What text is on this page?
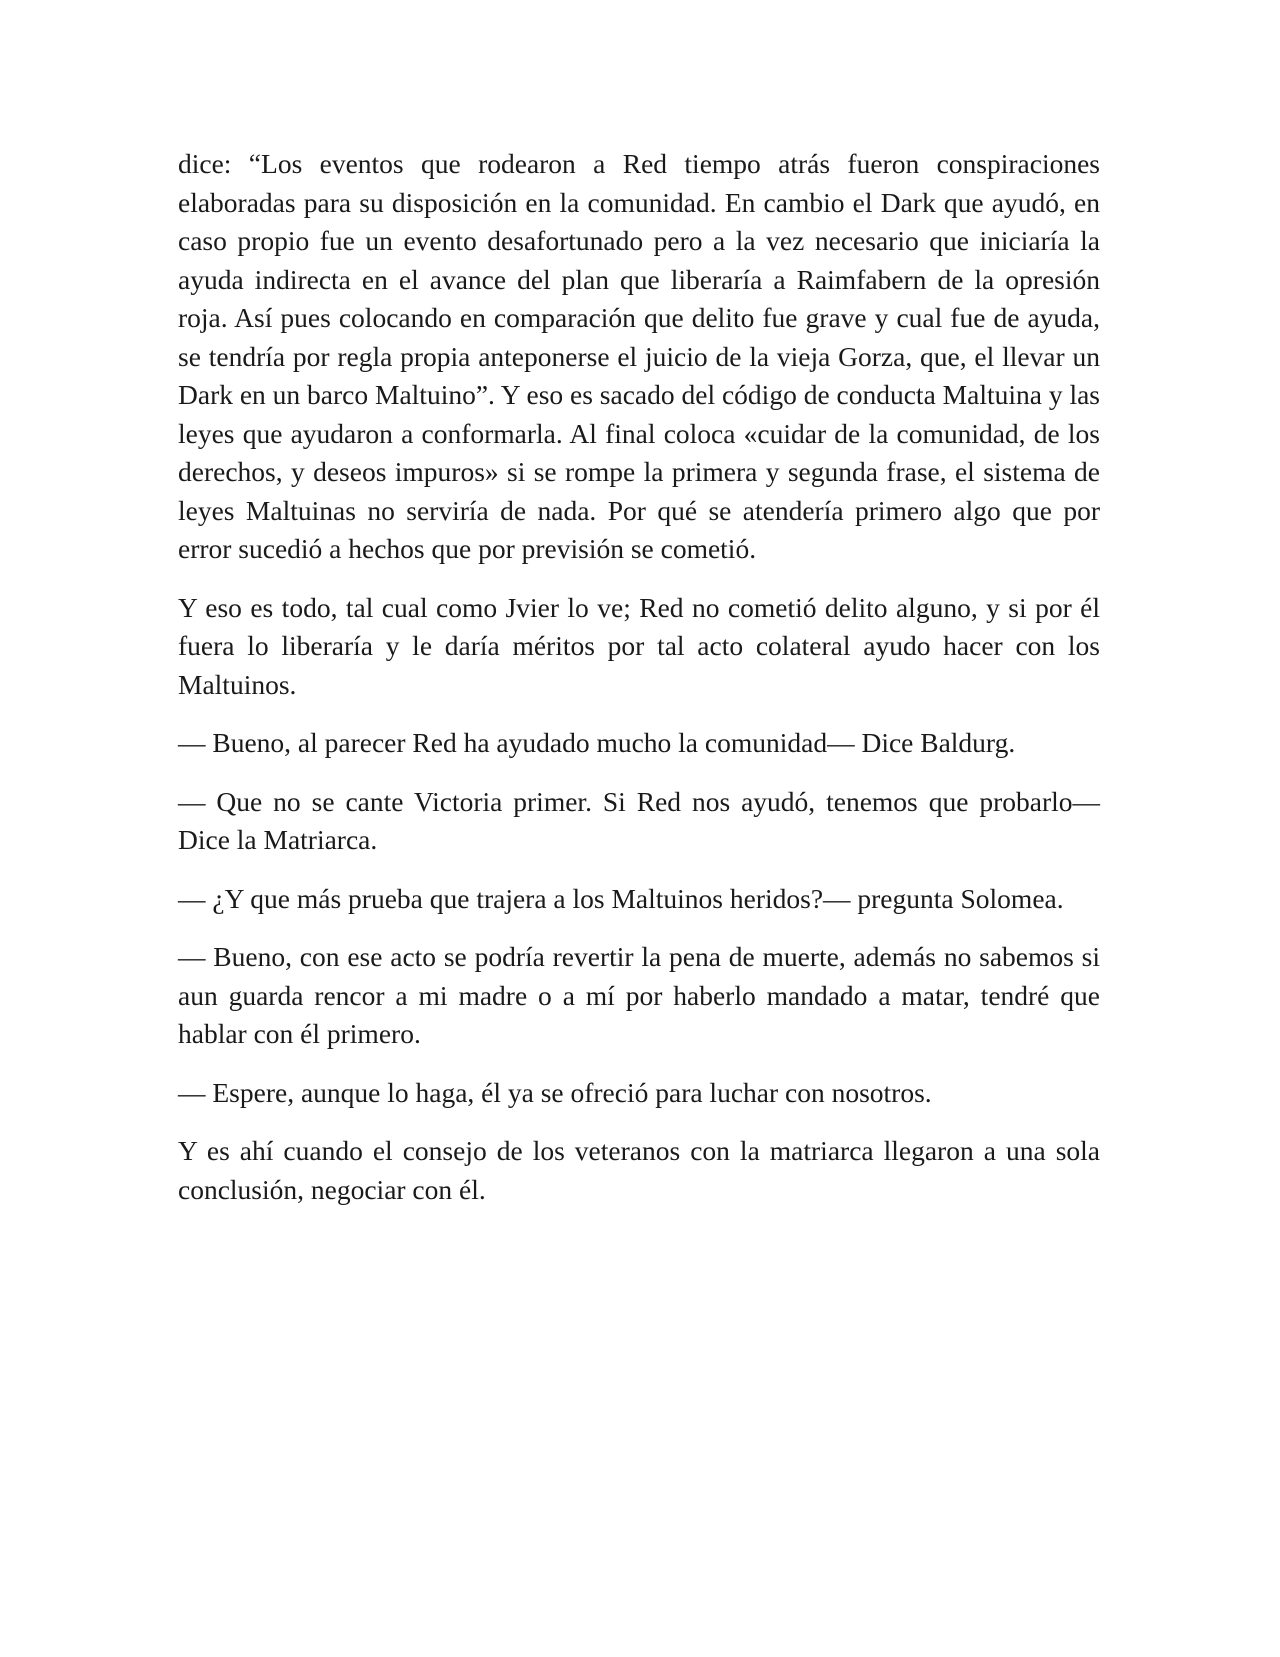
dice: “Los eventos que rodearon a Red tiempo atrás fueron conspiraciones elaboradas para su disposición en la comunidad. En cambio el Dark que ayudó, en caso propio fue un evento desafortunado pero a la vez necesario que iniciaría la ayuda indirecta en el avance del plan que liberaría a Raimfabern de la opresión roja. Así pues colocando en comparación que delito fue grave y cual fue de ayuda, se tendría por regla propia anteponerse el juicio de la vieja Gorza, que, el llevar un Dark en un barco Maltuino”. Y eso es sacado del código de conducta Maltuina y las leyes que ayudaron a conformarla. Al final coloca «cuidar de la comunidad, de los derechos, y deseos impuros» si se rompe la primera y segunda frase, el sistema de leyes Maltuinas no serviría de nada. Por qué se atendería primero algo que por error sucedió a hechos que por previsión se cometió.

Y eso es todo, tal cual como Jvier lo ve; Red no cometió delito alguno, y si por él fuera lo liberaría y le daría méritos por tal acto colateral ayudo hacer con los Maltuinos.

— Bueno, al parecer Red ha ayudado mucho la comunidad— Dice Baldurg.

— Que no se cante Victoria primer. Si Red nos ayudó, tenemos que probarlo— Dice la Matriarca.

— ¿Y que más prueba que trajera a los Maltuinos heridos?— pregunta Solomea.

— Bueno, con ese acto se podría revertir la pena de muerte, además no sabemos si aun guarda rencor a mi madre o a mí por haberlo mandado a matar, tendré que hablar con él primero.

— Espere, aunque lo haga, él ya se ofreció para luchar con nosotros.

Y es ahí cuando el consejo de los veteranos con la matriarca llegaron a una sola conclusión, negociar con él.
